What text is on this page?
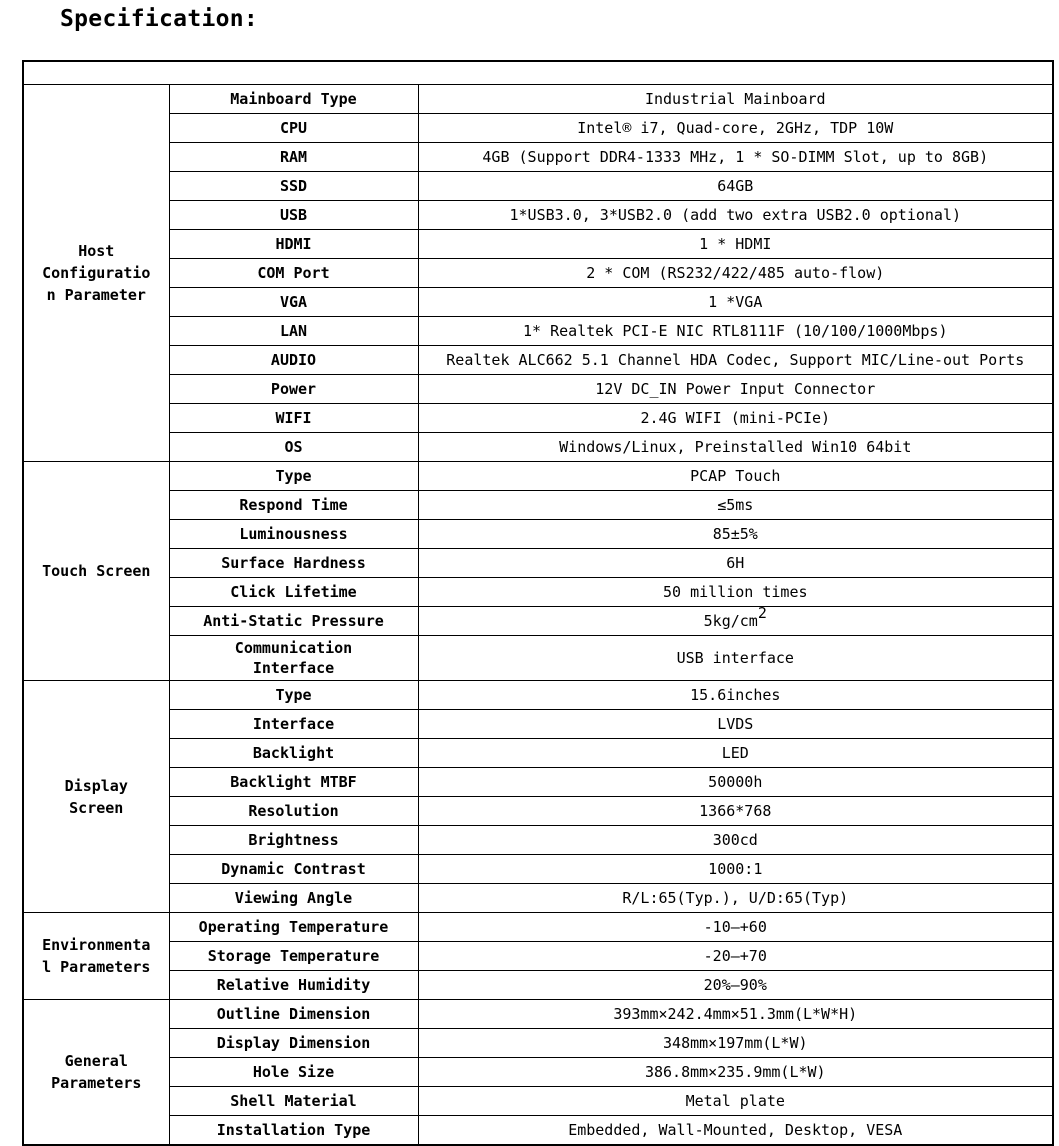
Specification:

Host Configuration Parameter	Mainboard Type	Industrial Mainboard
	CPU	Intel® i7, Quad-core, 2GHz, TDP 10W
	RAM	4GB (Support DDR4-1333 MHz, 1 * SO-DIMM Slot, up to 8GB)
	SSD	64GB
	USB	1*USB3.0, 3*USB2.0 (add two extra USB2.0 optional)
	HDMI	1 * HDMI
	COM Port	2 * COM (RS232/422/485 auto-flow)
	VGA	1 *VGA
	LAN	1* Realtek PCI-E NIC RTL8111F (10/100/1000Mbps)
	AUDIO	Realtek ALC662 5.1 Channel HDA Codec, Support MIC/Line-out Ports
	Power	12V DC_IN Power Input Connector
	WIFI	2.4G WIFI (mini-PCIe)
	OS	Windows/Linux, Preinstalled Win10 64bit
Touch Screen	Type	PCAP Touch
	Respond Time	≤5ms
	Luminousness	85±5%
	Surface Hardness	6H
	Click Lifetime	50 million times
	Anti-Static Pressure	$5kg/cm^2$
	Communication Interface	USB interface
Display Screen	Type	15.6inches
	Interface	LVDS
	Backlight	LED
	Backlight MTBF	50000h
	Resolution	1366*768
	Brightness	300cd
	Dynamic Contrast	1000:1
	Viewing Angle	R/L:65(Typ.), U/D:65(Typ)
Environmental Parameters	Operating Temperature	-10—+60
	Storage Temperature	-20—+70
	Relative Humidity	20%—90%
General Parameters	Outline Dimension	393mm×242.4mm×51.3mm(L*W*H)
	Display Dimension	348mm×197mm(L*W)
	Hole Size	386.8mm×235.9mm(L*W)
	Shell Material	Metal plate
	Installation Type	Embedded, Wall-Mounted, Desktop, VESA
